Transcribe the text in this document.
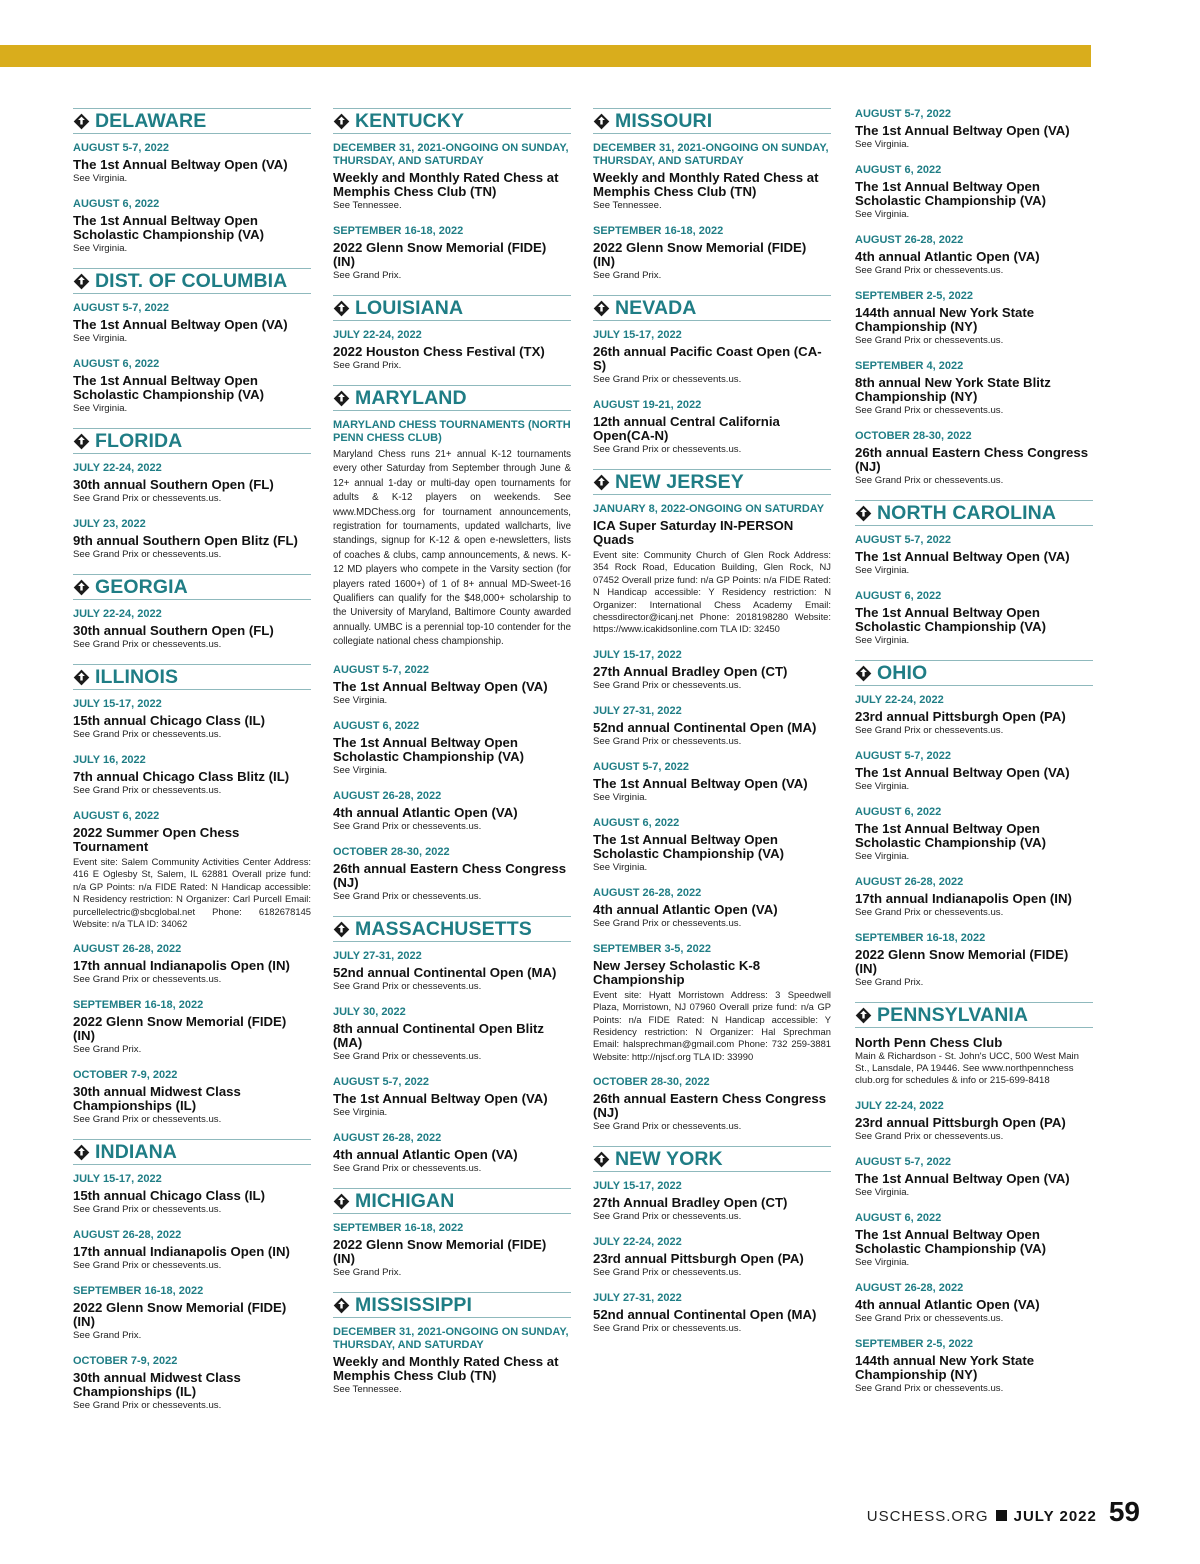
DELAWARE
AUGUST 5-7, 2022
The 1st Annual Beltway Open (VA)
See Virginia.
AUGUST 6, 2022
The 1st Annual Beltway Open Scholastic Championship (VA)
See Virginia.
DIST. OF COLUMBIA
AUGUST 5-7, 2022
The 1st Annual Beltway Open (VA)
See Virginia.
AUGUST 6, 2022
The 1st Annual Beltway Open Scholastic Championship (VA)
See Virginia.
FLORIDA
JULY 22-24, 2022
30th annual Southern Open (FL)
See Grand Prix or chessevents.us.
JULY 23, 2022
9th annual Southern Open Blitz (FL)
See Grand Prix or chessevents.us.
GEORGIA
JULY 22-24, 2022
30th annual Southern Open (FL)
See Grand Prix or chessevents.us.
ILLINOIS
JULY 15-17, 2022
15th annual Chicago Class (IL)
See Grand Prix or chessevents.us.
JULY 16, 2022
7th annual Chicago Class Blitz (IL)
See Grand Prix or chessevents.us.
AUGUST 6, 2022
2022 Summer Open Chess Tournament
Event site: Salem Community Activities Center Address: 416 E Oglesby St, Salem, IL 62881 Overall prize fund: n/a GP Points: n/a FIDE Rated: N Handicap accessible: N Residency restriction: N Organizer: Carl Purcell Email: purcellelectric@sbcglobal.net Phone: 6182678145 Website: n/a TLA ID: 34062
AUGUST 26-28, 2022
17th annual Indianapolis Open (IN)
See Grand Prix or chessevents.us.
SEPTEMBER 16-18, 2022
2022 Glenn Snow Memorial (FIDE) (IN)
See Grand Prix.
OCTOBER 7-9, 2022
30th annual Midwest Class Championships (IL)
See Grand Prix or chessevents.us.
INDIANA
JULY 15-17, 2022
15th annual Chicago Class (IL)
See Grand Prix or chessevents.us.
AUGUST 26-28, 2022
17th annual Indianapolis Open (IN)
See Grand Prix or chessevents.us.
SEPTEMBER 16-18, 2022
2022 Glenn Snow Memorial (FIDE) (IN)
See Grand Prix.
OCTOBER 7-9, 2022
30th annual Midwest Class Championships (IL)
See Grand Prix or chessevents.us.
KENTUCKY
DECEMBER 31, 2021-ONGOING ON SUNDAY, THURSDAY, AND SATURDAY
Weekly and Monthly Rated Chess at Memphis Chess Club (TN)
See Tennessee.
SEPTEMBER 16-18, 2022
2022 Glenn Snow Memorial (FIDE) (IN)
See Grand Prix.
LOUISIANA
JULY 22-24, 2022
2022 Houston Chess Festival (TX)
See Grand Prix.
MARYLAND
MARYLAND CHESS TOURNAMENTS (NORTH PENN CHESS CLUB)
Maryland Chess runs 21+ annual K-12 tournaments every other Saturday from September through June & 12+ annual 1-day or multi-day open tournaments for adults & K-12 players on weekends. See www.MDChess.org for tournament announcements, registration for tournaments, updated wallcharts, live standings, signup for K-12 & open e-newsletters, lists of coaches & clubs, camp announcements, & news. K-12 MD players who compete in the Varsity section (for players rated 1600+) of 1 of 8+ annual MD-Sweet-16 Qualifiers can qualify for the $48,000+ scholarship to the University of Maryland, Baltimore County awarded annually. UMBC is a perennial top-10 contender for the collegiate national chess championship.
AUGUST 5-7, 2022
The 1st Annual Beltway Open (VA)
See Virginia.
AUGUST 6, 2022
The 1st Annual Beltway Open Scholastic Championship (VA)
See Virginia.
AUGUST 26-28, 2022
4th annual Atlantic Open (VA)
See Grand Prix or chessevents.us.
OCTOBER 28-30, 2022
26th annual Eastern Chess Congress (NJ)
See Grand Prix or chessevents.us.
MASSACHUSETTS
JULY 27-31, 2022
52nd annual Continental Open (MA)
See Grand Prix or chessevents.us.
JULY 30, 2022
8th annual Continental Open Blitz (MA)
See Grand Prix or chessevents.us.
AUGUST 5-7, 2022
The 1st Annual Beltway Open (VA)
See Virginia.
AUGUST 26-28, 2022
4th annual Atlantic Open (VA)
See Grand Prix or chessevents.us.
MICHIGAN
SEPTEMBER 16-18, 2022
2022 Glenn Snow Memorial (FIDE) (IN)
See Grand Prix.
MISSISSIPPI
DECEMBER 31, 2021-ONGOING ON SUNDAY, THURSDAY, AND SATURDAY
Weekly and Monthly Rated Chess at Memphis Chess Club (TN)
See Tennessee.
MISSOURI
DECEMBER 31, 2021-ONGOING ON SUNDAY, THURSDAY, AND SATURDAY
Weekly and Monthly Rated Chess at Memphis Chess Club (TN)
See Tennessee.
SEPTEMBER 16-18, 2022
2022 Glenn Snow Memorial (FIDE) (IN)
See Grand Prix.
NEVADA
JULY 15-17, 2022
26th annual Pacific Coast Open (CA-S)
See Grand Prix or chessevents.us.
AUGUST 19-21, 2022
12th annual Central California Open(CA-N)
See Grand Prix or chessevents.us.
NEW JERSEY
JANUARY 8, 2022-ONGOING ON SATURDAY
ICA Super Saturday IN-PERSON Quads
Event site: Community Church of Glen Rock Address: 354 Rock Road, Education Building, Glen Rock, NJ 07452 Overall prize fund: n/a GP Points: n/a FIDE Rated: N Handicap accessible: Y Residency restriction: N Organizer: International Chess Academy Email: chessdirector@icanj.net Phone: 2018198280 Website: https://www.icakidsonline.com TLA ID: 32450
JULY 15-17, 2022
27th Annual Bradley Open (CT)
See Grand Prix or chessevents.us.
JULY 27-31, 2022
52nd annual Continental Open (MA)
See Grand Prix or chessevents.us.
AUGUST 5-7, 2022
The 1st Annual Beltway Open (VA)
See Virginia.
AUGUST 6, 2022
The 1st Annual Beltway Open Scholastic Championship (VA)
See Virginia.
AUGUST 26-28, 2022
4th annual Atlantic Open (VA)
See Grand Prix or chessevents.us.
SEPTEMBER 3-5, 2022
New Jersey Scholastic K-8 Championship
Event site: Hyatt Morristown Address: 3 Speedwell Plaza, Morristown, NJ 07960 Overall prize fund: n/a GP Points: n/a FIDE Rated: N Handicap accessible: Y Residency restriction: N Organizer: Hal Sprechman Email: halsprechman@gmail.com Phone: 732 259-3881 Website: http://njscf.org TLA ID: 33990
OCTOBER 28-30, 2022
26th annual Eastern Chess Congress (NJ)
See Grand Prix or chessevents.us.
NEW YORK
JULY 15-17, 2022
27th Annual Bradley Open (CT)
See Grand Prix or chessevents.us.
JULY 22-24, 2022
23rd annual Pittsburgh Open (PA)
See Grand Prix or chessevents.us.
JULY 27-31, 2022
52nd annual Continental Open (MA)
See Grand Prix or chessevents.us.
AUGUST 5-7, 2022
The 1st Annual Beltway Open (VA)
See Virginia.
AUGUST 6, 2022
The 1st Annual Beltway Open Scholastic Championship (VA)
See Virginia.
AUGUST 26-28, 2022
4th annual Atlantic Open (VA)
See Grand Prix or chessevents.us.
SEPTEMBER 2-5, 2022
144th annual New York State Championship (NY)
See Grand Prix or chessevents.us.
SEPTEMBER 4, 2022
8th annual New York State Blitz Championship (NY)
See Grand Prix or chessevents.us.
OCTOBER 28-30, 2022
26th annual Eastern Chess Congress (NJ)
See Grand Prix or chessevents.us.
NORTH CAROLINA
AUGUST 5-7, 2022
The 1st Annual Beltway Open (VA)
See Virginia.
AUGUST 6, 2022
The 1st Annual Beltway Open Scholastic Championship (VA)
See Virginia.
OHIO
JULY 22-24, 2022
23rd annual Pittsburgh Open (PA)
See Grand Prix or chessevents.us.
AUGUST 5-7, 2022
The 1st Annual Beltway Open (VA)
See Virginia.
AUGUST 6, 2022
The 1st Annual Beltway Open Scholastic Championship (VA)
See Virginia.
AUGUST 26-28, 2022
17th annual Indianapolis Open (IN)
See Grand Prix or chessevents.us.
SEPTEMBER 16-18, 2022
2022 Glenn Snow Memorial (FIDE) (IN)
See Grand Prix.
PENNSYLVANIA
North Penn Chess Club
Main & Richardson - St. John's UCC, 500 West Main St., Lansdale, PA 19446. See www.northpennchess club.org for schedules & info or 215-699-8418
JULY 22-24, 2022
23rd annual Pittsburgh Open (PA)
See Grand Prix or chessevents.us.
AUGUST 5-7, 2022
The 1st Annual Beltway Open (VA)
See Virginia.
AUGUST 6, 2022
The 1st Annual Beltway Open Scholastic Championship (VA)
See Virginia.
AUGUST 26-28, 2022
4th annual Atlantic Open (VA)
See Grand Prix or chessevents.us.
SEPTEMBER 2-5, 2022
144th annual New York State Championship (NY)
See Grand Prix or chessevents.us.
USCHESS.ORG JULY 2022 59
